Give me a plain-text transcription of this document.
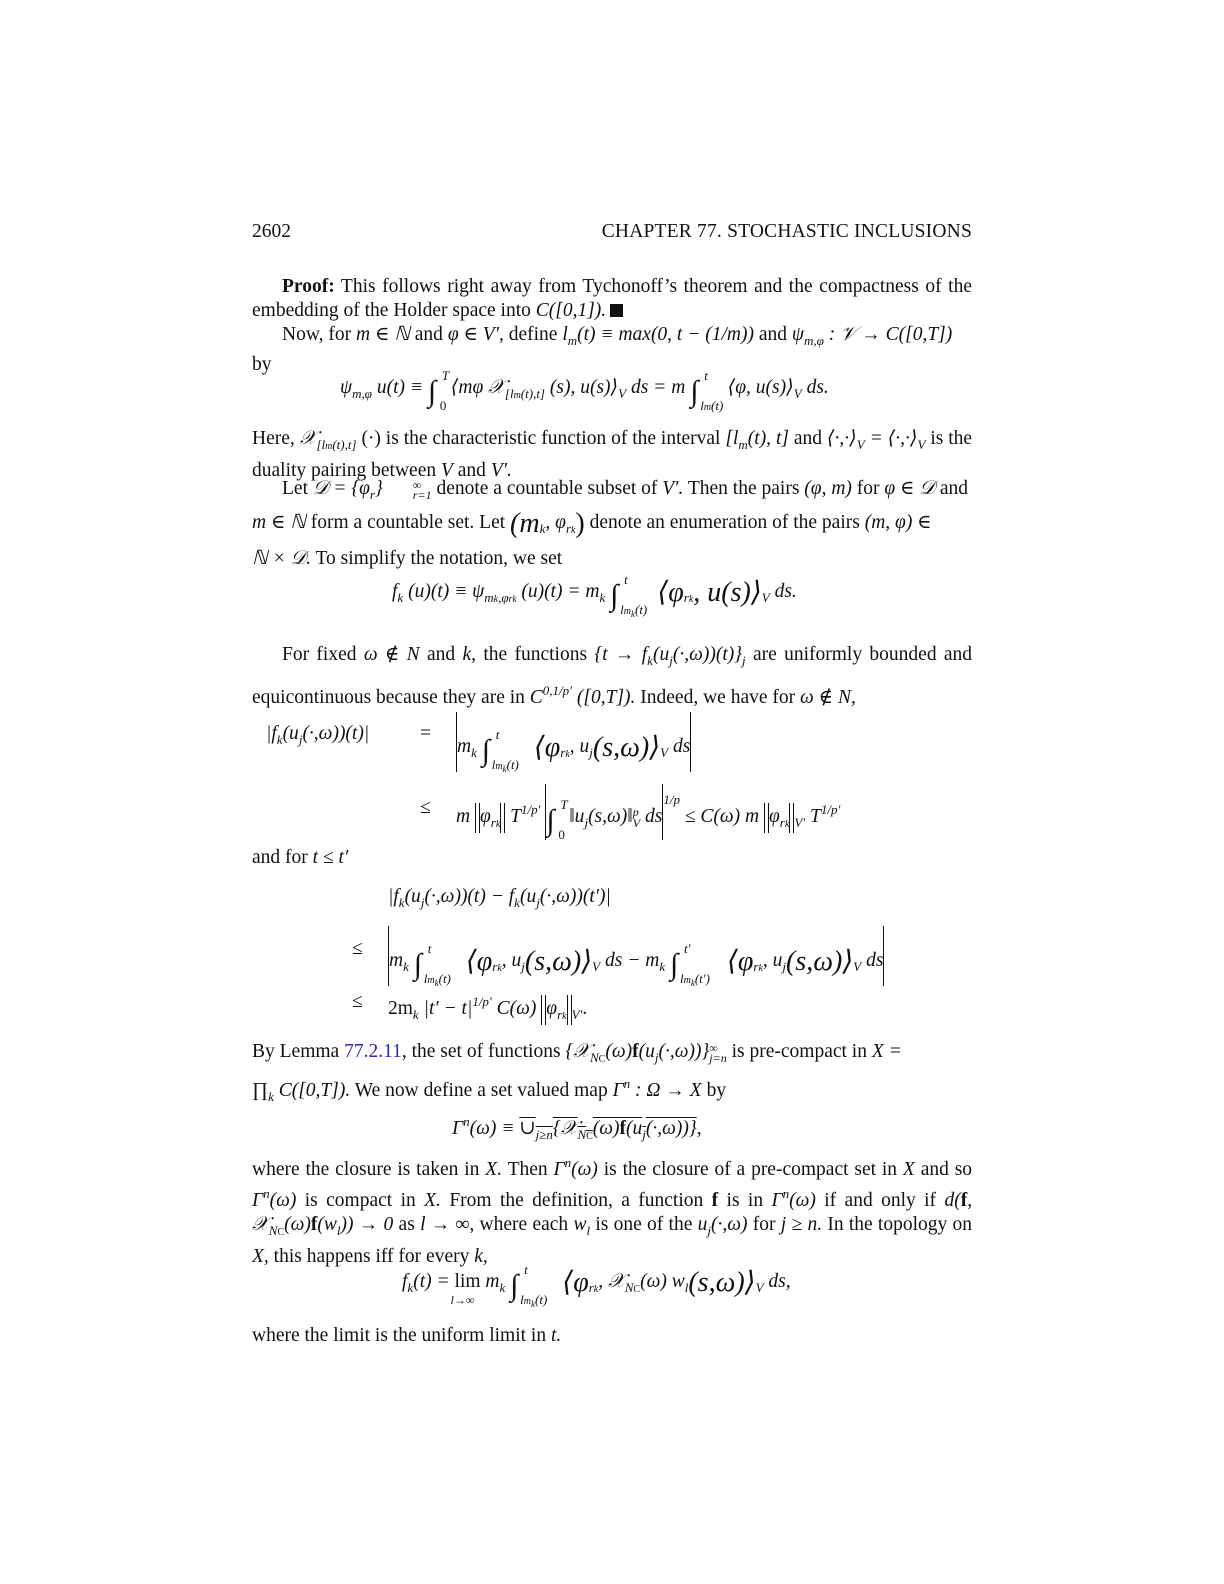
2602	CHAPTER 77. STOCHASTIC INCLUSIONS

Proof: This follows right away from Tychonoff’s theorem and the compactness of the embedding of the Holder space into C([0,1]).

Now, for m ∈ ℕ and φ ∈ V′, define $l_m(t) \equiv \max(0$, t − (1/m)) and $\psi_{m,\varphi}$ : 𝒱 → C([0,T])
by

$\psi_{m,\varphi}$ u(t) ≡ ∫ T
0
⟨mφ 𝒳$_{[lm(t),t]}$ (s), $u(s)⟩_V$ ds = m ∫ t
lm(t)
⟨φ, $u(s)⟩_V$ ds.

Here, 𝒳$_{[lm(t),t]}$ (·) is the characteristic function of the interval [$l_m(t)$, t] and $⟨\cdot,\cdot⟩_V$ = $⟨\cdot,\cdot⟩_V$ is the duality pairing between V and V′.

Let 𝒟 = $\{\varphi_r\}$	∞
r=1 denote a countable subset of V′. Then the pairs (φ, m) for φ ∈ 𝒟 and
m ∈ ℕ form a countable set. Let ($m_k$, $\varphi_{rk}$) denote an enumeration of the pairs (m, φ) ∈
ℕ × 𝒟. To simplify the notation, we set

$f_k$ $(u)(t) \equiv \psi_{mk,\varphi rk}$ $(u)(t) = m_k$ ∫ t
$lm_k(t)$
$⟨\varphi_{rk}$, $u(s)⟩_V$ ds.

For fixed ω ∉ N and k, the functions $\{t \to f_k(u_j(\cdot,\omega))(t)\}_j$ are uniformly bounded and equicontinuous because they are in $C^{0,1/p'}$ ([0,T]). Indeed, we have for ω ∉ N,

$|f_k(u_j(\cdot,\omega))(t)|$	=
$m_k$ ∫ t
$lm_k(t)$
$⟨\varphi_{rk}$, $u_j(s,\omega)⟩_V$ ds
≤	m $\varphi_{rk}$ $T^{1/p'}$ ∫ T
0
$‖u_j(s,\omega)‖$ p
V $ds^{1/p} \le C(\omega)$ m $\varphi_{rk}$ $_{V'}$ $T^{1/p'}$

and for t ≤ t′

$|f_k(u_j(\cdot,\omega))(t) - f_k(u_j(\cdot,\omega))(t')|$
≤
$m_k$ ∫ t
$lm_k(t)$
$⟨\varphi_{rk}$, $u_j(s,\omega)⟩_V$ ds − $m_k$ ∫ t′
$lm_k(t')$
$⟨\varphi_{rk}$, $u_j(s,\omega)⟩_V$ ds
≤	$2m_k$ $|t' - t|^{1/p'}$ C(ω) $\varphi_{rk}$ $_{V'}$.

By Lemma 77.2.11, the set of functions $\{𝒳_{NC}(\omega)f(u_j(\cdot,\omega))\}$ ∞
j=n is pre-compact in X =
$\prod_k$ C([0,T]). We now define a set valued map $\Gamma^n$ : Ω → X by

$\Gamma^n(\omega)$ ≡ $\cup_{j\ge n}\{𝒳_{NC}(\omega)f(u_j(\cdot,\omega))\}$,

where the closure is taken in X. Then $\Gamma^n(\omega)$ is the closure of a pre-compact set in X and so $\Gamma^n(\omega)$ is compact in X. From the definition, a function f is in $\Gamma^n(\omega)$ if and only if d(f, $𝒳_{NC}(\omega)f(w_l)) \to 0$ as l → ∞, where each $w_l$ is one of the $u_j(\cdot,\omega)$ for j ≥ n. In the topology on X, this happens iff for every k,

$f_k(t) = \lim$
l→∞
$m_k$ ∫ t
$lm_k(t)$
$⟨\varphi_{rk}$, 𝒳$_{NC}$(ω) $w_l(s,\omega)⟩_V$ ds,

where the limit is the uniform limit in t.
